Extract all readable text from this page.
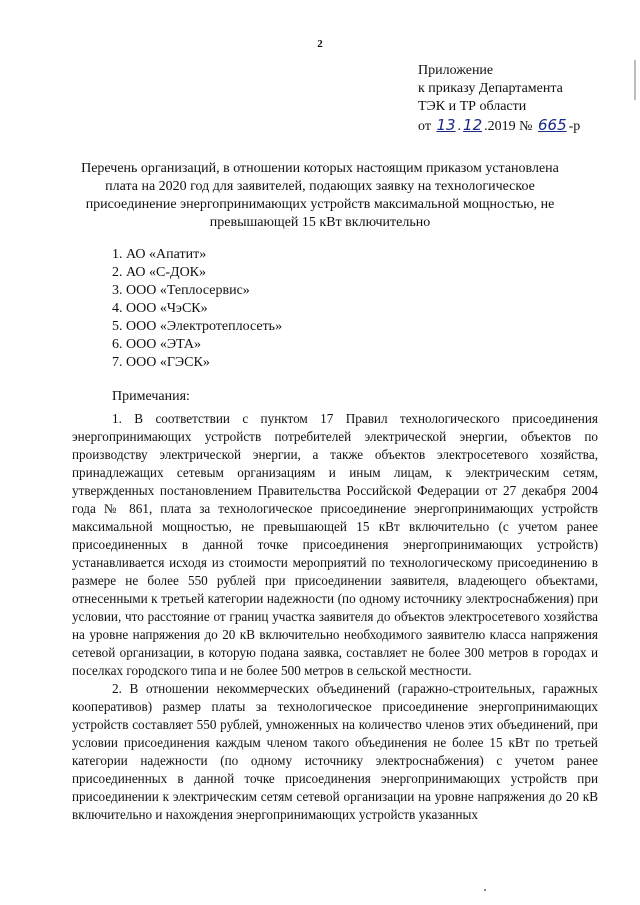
2
Приложение
к приказу Департамента
ТЭК и ТР области
от 13 . 12 .2019 № 665 -р
Перечень организаций, в отношении которых настоящим приказом установлена плата на 2020 год для заявителей, подающих заявку на технологическое присоединение энергопринимающих устройств максимальной мощностью, не превышающей 15 кВт включительно
1. АО «Апатит»
2. АО «С-ДОК»
3. ООО «Теплосервис»
4. ООО «ЧэСК»
5. ООО «Электротеплосеть»
6. ООО «ЭТА»
7. ООО «ГЭСК»
Примечания:

1. В соответствии с пунктом 17 Правил технологического присоединения энергопринимающих устройств потребителей электрической энергии, объектов по производству электрической энергии, а также объектов электросетевого хозяйства, принадлежащих сетевым организациям и иным лицам, к электрическим сетям, утвержденных постановлением Правительства Российской Федерации от 27 декабря 2004 года № 861, плата за технологическое присоединение энергопринимающих устройств максимальной мощностью, не превышающей 15 кВт включительно (с учетом ранее присоединенных в данной точке присоединения энергопринимающих устройств) устанавливается исходя из стоимости мероприятий по технологическому присоединению в размере не более 550 рублей при присоединении заявителя, владеющего объектами, отнесенными к третьей категории надежности (по одному источнику электроснабжения) при условии, что расстояние от границ участка заявителя до объектов электросетевого хозяйства на уровне напряжения до 20 кВ включительно необходимого заявителю класса напряжения сетевой организации, в которую подана заявка, составляет не более 300 метров в городах и поселках городского типа и не более 500 метров в сельской местности.

2. В отношении некоммерческих объединений (гаражно-строительных, гаражных кооперативов) размер платы за технологическое присоединение энергопринимающих устройств составляет 550 рублей, умноженных на количество членов этих объединений, при условии присоединения каждым членом такого объединения не более 15 кВт по третьей категории надежности (по одному источнику электроснабжения) с учетом ранее присоединенных в данной точке присоединения энергопринимающих устройств при присоединении к электрическим сетям сетевой организации на уровне напряжения до 20 кВ включительно и нахождения энергопринимающих устройств указанных
